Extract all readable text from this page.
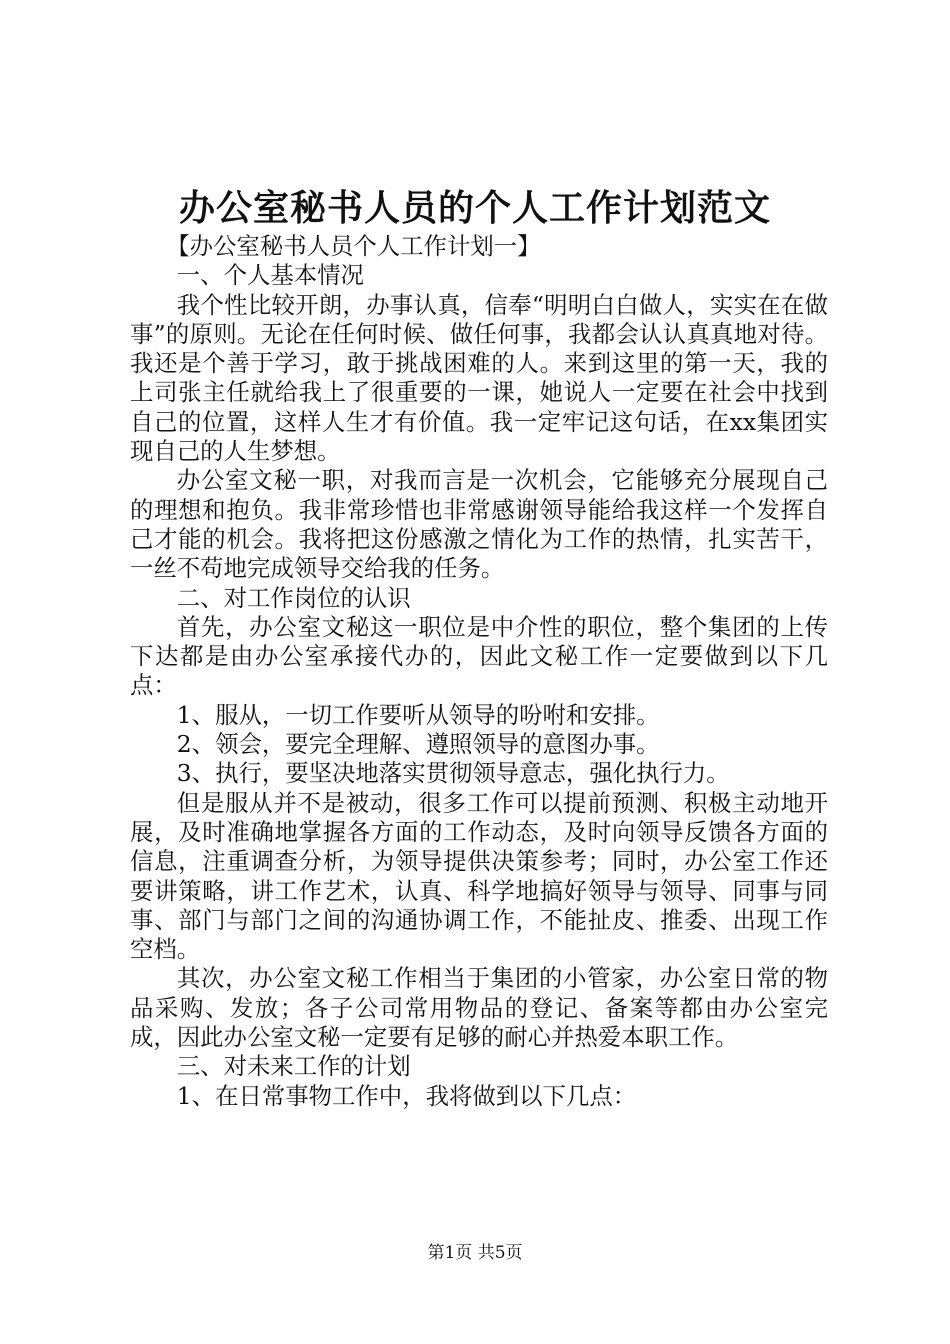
办公室秘书人员的个人工作计划范文

【办公室秘书人员个人工作计划一】

一、个人基本情况

我个性比较开朗，办事认真，信奉“明明白白做人，实实在在做事”的原则。无论在任何时候、做任何事，我都会认认真真地对待。我还是个善于学习，敢于挑战困难的人。来到这里的第一天，我的上司张主任就给我上了很重要的一课，她说人一定要在社会中找到自己的位置，这样人生才有价值。我一定牢记这句话，在xx集团实现自己的人生梦想。

办公室文秘一职，对我而言是一次机会，它能够充分展现自己的理想和抱负。我非常珍惜也非常感谢领导能给我这样一个发挥自己才能的机会。我将把这份感激之情化为工作的热情，扎实苦干，一丝不苟地完成领导交给我的任务。

二、对工作岗位的认识

首先，办公室文秘这一职位是中介性的职位，整个集团的上传下达都是由办公室承接代办的，因此文秘工作一定要做到以下几点：

1、服从，一切工作要听从领导的吩咐和安排。

2、领会，要完全理解、遵照领导的意图办事。

3、执行，要坚决地落实贯彻领导意志，强化执行力。

但是服从并不是被动，很多工作可以提前预测、积极主动地开展，及时准确地掌握各方面的工作动态，及时向领导反馈各方面的信息，注重调查分析，为领导提供决策参考；同时，办公室工作还要讲策略，讲工作艺术，认真、科学地搞好领导与领导、同事与同事、部门与部门之间的沟通协调工作，不能扯皮、推委、出现工作空档。

其次，办公室文秘工作相当于集团的小管家，办公室日常的物品采购、发放；各子公司常用物品的登记、备案等都由办公室完成，因此办公室文秘一定要有足够的耐心并热爱本职工作。

三、对未来工作的计划

1、在日常事物工作中，我将做到以下几点：

第1页 共5页
